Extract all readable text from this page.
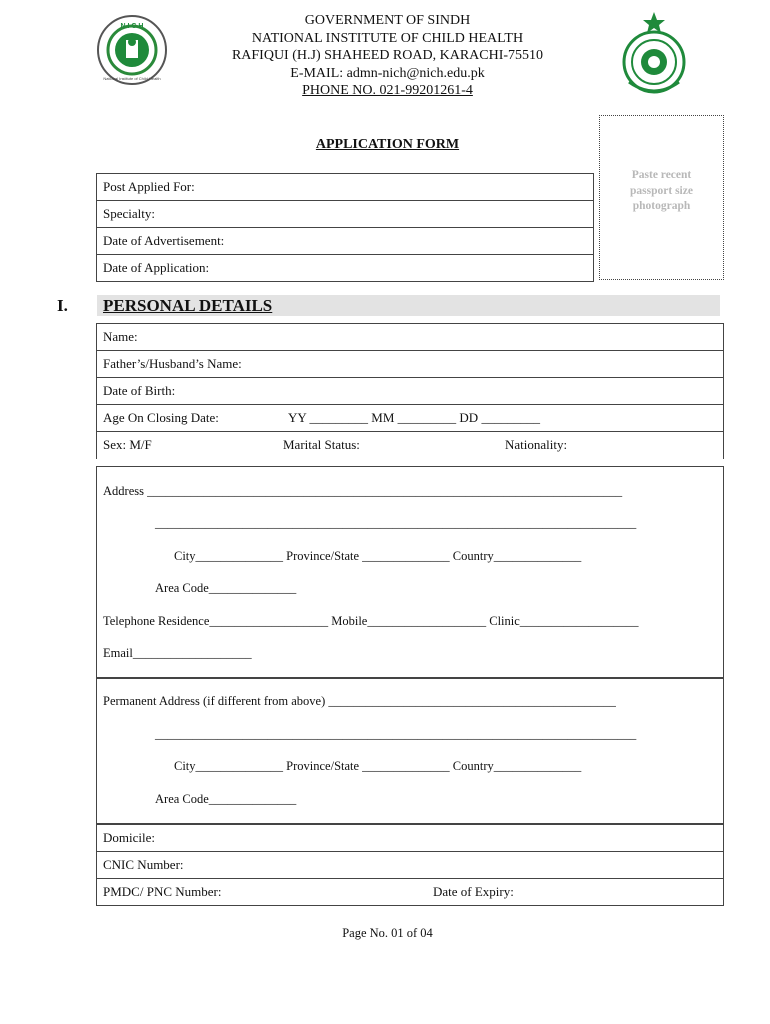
N I C H
National Institute of Child Health
GOVERNMENT OF SINDH
NATIONAL INSTITUTE OF CHILD HEALTH
RAFIQUI (H.J) SHAHEED ROAD, KARACHI-75510
E-MAIL: admn-nich@nich.edu.pk
PHONE NO. 021-99201261-4
APPLICATION FORM
Paste recent
passport size
photograph
Post Applied For:
Specialty:
Date of Advertisement:
Date of Application:
I. PERSONAL DETAILS
Name:
Father’s/Husband’s Name:
Date of Birth:
Age On Closing Date:	YY _________ MM _________ DD _________
Sex: M/F	Marital Status:	Nationality:
Address ____________________________________________________________________________
_____________________________________________________________________________
City______________ Province/State ______________ Country______________
Area Code______________
Telephone Residence___________________ Mobile___________________ Clinic___________________
Email___________________
Permanent Address (if different from above) ______________________________________________
_____________________________________________________________________________
City______________ Province/State ______________ Country______________
Area Code______________
Domicile:
CNIC Number:
PMDC/ PNC Number:	Date of Expiry:
Page No. 01 of 04
